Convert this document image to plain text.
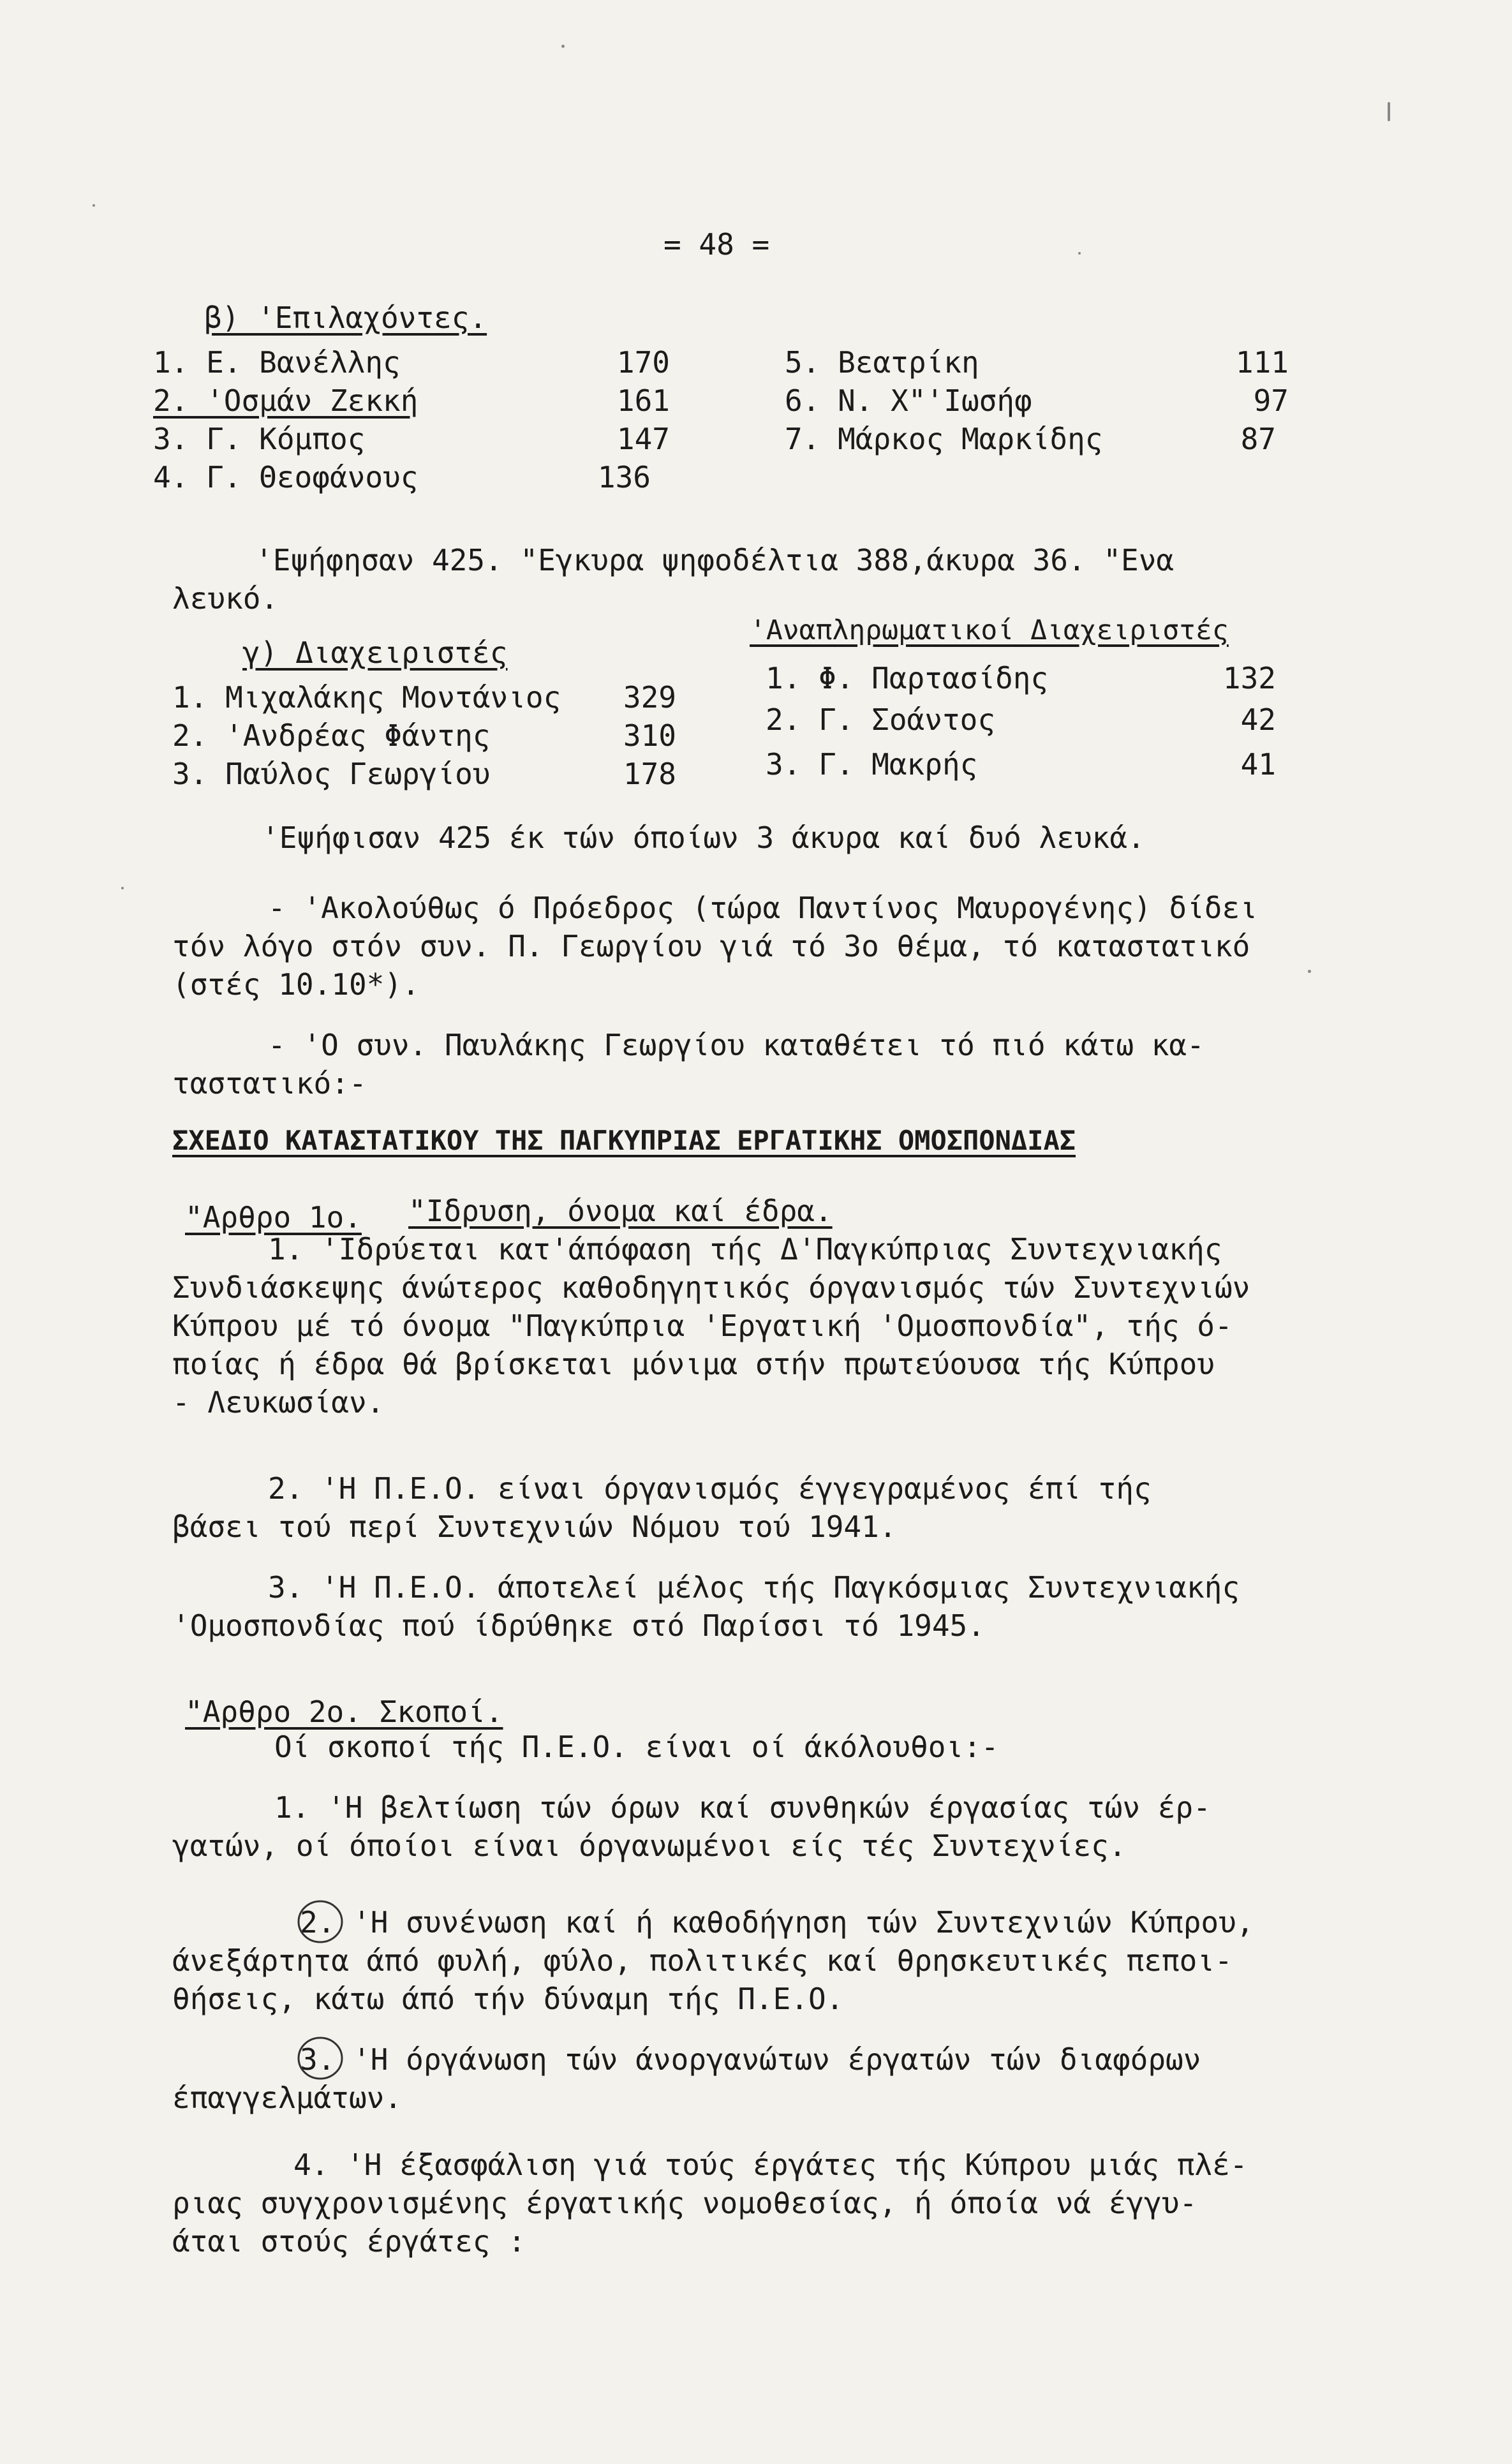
= 48 =
β) 'Επιλαχόντες.
1. Ε. Βανέλλης	170
2. 'Οσμάν Ζεκκή	161
3. Γ. Κόμπος	147
4. Γ. Θεοφάνους	136
5. Βεατρίκη	111
6. Ν. Χ"'Ιωσήφ	97
7. Μάρκος Μαρκίδης	87
'Εψήφησαν 425. "Εγκυρα ψηφοδέλτια 388,άκυρα 36. "Ενα
λευκό.
γ) Διαχειριστές
'Αναπληρωματικοί Διαχειριστές
1. Μιχαλάκης Μοντάνιος	329
2. 'Ανδρέας Φάντης	310
3. Παύλος Γεωργίου	178
1. Φ. Παρτασίδης	132
2. Γ. Σοάντος	42
3. Γ. Μακρής	41
'Εψήφισαν 425 έκ τών όποίων 3 άκυρα καί δυό λευκά.
- 'Ακολούθως ό Πρόεδρος (τώρα Παντίνος Μαυρογένης) δίδει
τόν λόγο στόν συν. Π. Γεωργίου γιά τό 3ο θέμα, τό καταστατικό
(στές 10.10*).
- 'Ο συν. Παυλάκης Γεωργίου καταθέτει τό πιό κάτω κα-
ταστατικό:-
ΣΧΕΔΙΟ ΚΑΤΑΣΤΑΤΙΚΟΥ ΤΗΣ ΠΑΓΚΥΠΡΙΑΣ ΕΡΓΑΤΙΚΗΣ ΟΜΟΣΠΟΝΔΙΑΣ
"Αρθρο 1ο. "Ιδρυση, όνομα καί έδρα.
1. 'Ιδρύεται κατ'άπόφαση τής Δ'Παγκύπριας Συντεχνιακής
Συνδιάσκεψης άνώτερος καθοδηγητικός όργανισμός τών Συντεχνιών
Κύπρου μέ τό όνομα "Παγκύπρια 'Εργατική 'Ομοσπονδία", τής ό-
ποίας ή έδρα θά βρίσκεται μόνιμα στήν πρωτεύουσα τής Κύπρου
- Λευκωσίαν.
2. 'Η Π.Ε.Ο. είναι όργανισμός έγγεγραμένος έπί τής
βάσει τού περί Συντεχνιών Νόμου τού 1941.
3. 'Η Π.Ε.Ο. άποτελεί μέλος τής Παγκόσμιας Συντεχνιακής
'Ομοσπονδίας πού ίδρύθηκε στό Παρίσσι τό 1945.
"Αρθρο 2ο. Σκοποί.
Οί σκοποί τής Π.Ε.Ο. είναι οί άκόλουθοι:-
1. 'Η βελτίωση τών όρων καί συνθηκών έργασίας τών έρ-
γατών, οί όποίοι είναι όργανωμένοι είς τές Συντεχνίες.
2. 'Η συνένωση καί ή καθοδήγηση τών Συντεχνιών Κύπρου,
άνεξάρτητα άπό φυλή, φύλο, πολιτικές καί θρησκευτικές πεποι-
θήσεις, κάτω άπό τήν δύναμη τής Π.Ε.Ο.
3. 'Η όργάνωση τών άνοργανώτων έργατών τών διαφόρων
έπαγγελμάτων.
4. 'Η έξασφάλιση γιά τούς έργάτες τής Κύπρου μιάς πλέ-
ριας συγχρονισμένης έργατικής νομοθεσίας, ή όποία νά έγγυ-
άται στούς έργάτες :
